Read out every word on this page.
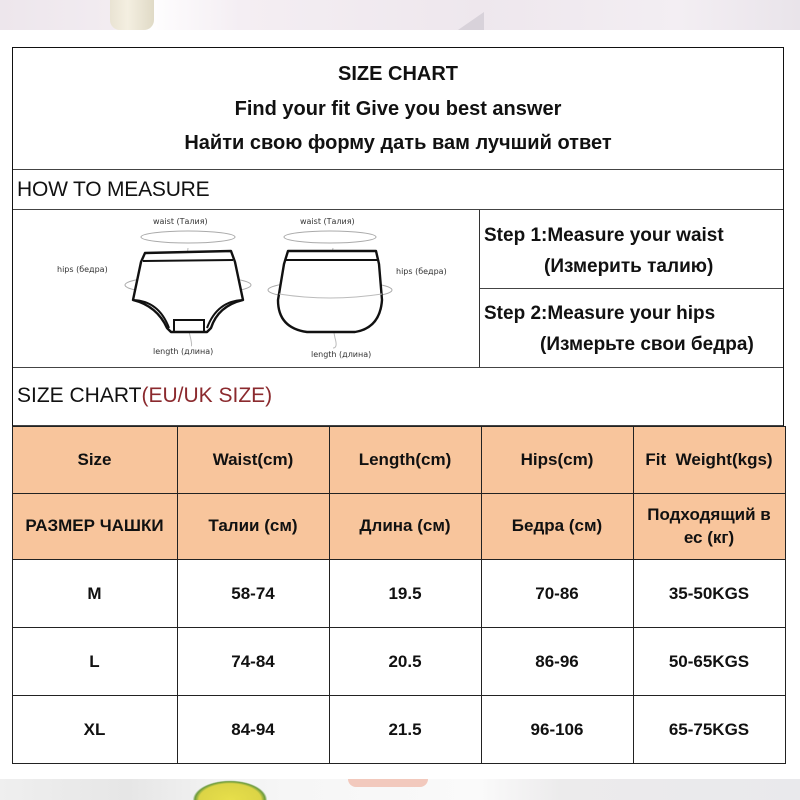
SIZE CHART
Find your fit Give you best answer
Найти свою форму дать вам лучший ответ
HOW TO MEASURE
waist (Талия)
hips (бедра)
length (длина)
waist (Талия)
hips (бедра)
length (длина)
Step 1:Measure your waist
(Измерить талию)
Step 2:Measure your hips
(Измерьте свои бедра)
SIZE CHART(EU/UK SIZE)
Size	Waist(cm)	Length(cm)	Hips(cm)	Fit  Weight(kgs)
РАЗМЕР ЧАШКИ	Талии (см)	Длина (см)	Бедра (см)	Подходящий в ес (кг)
M	58-74	19.5	70-86	35-50KGS
L	74-84	20.5	86-96	50-65KGS
XL	84-94	21.5	96-106	65-75KGS
